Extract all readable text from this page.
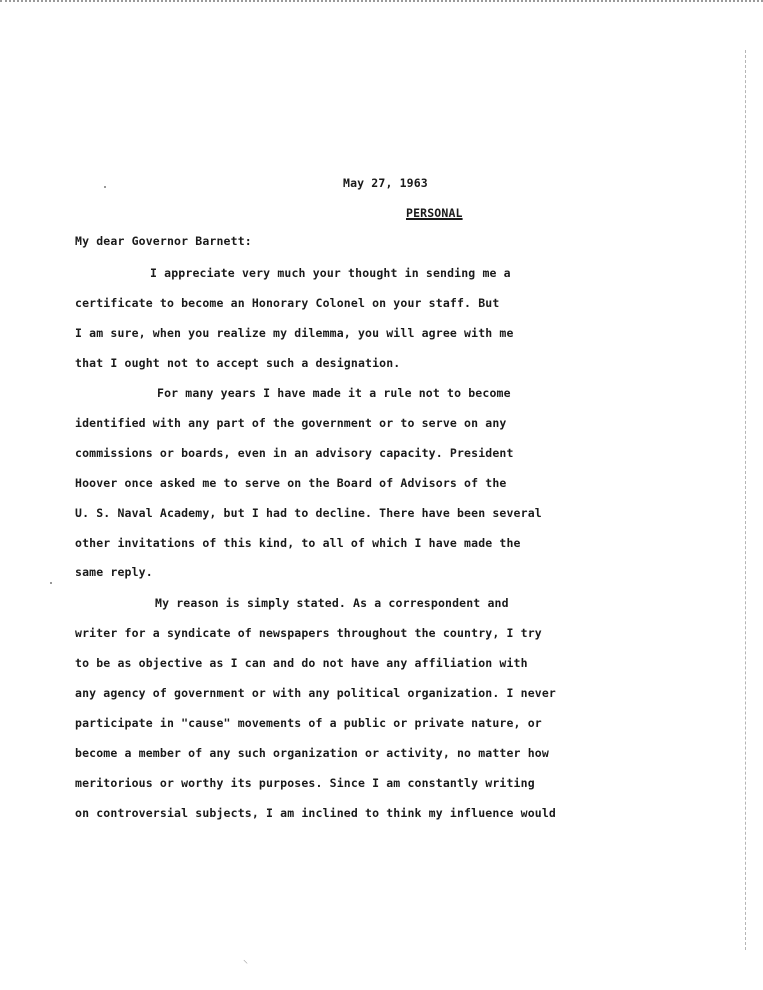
May 27, 1963
PERSONAL
My dear Governor Barnett:
I appreciate very much your thought in sending me a
certificate to become an Honorary Colonel on your staff. But
I am sure, when you realize my dilemma, you will agree with me
that I ought not to accept such a designation.
For many years I have made it a rule not to become
identified with any part of the government or to serve on any
commissions or boards, even in an advisory capacity. President
Hoover once asked me to serve on the Board of Advisors of the
U. S. Naval Academy, but I had to decline. There have been several
other invitations of this kind, to all of which I have made the
same reply.
My reason is simply stated. As a correspondent and
writer for a syndicate of newspapers throughout the country, I try
to be as objective as I can and do not have any affiliation with
any agency of government or with any political organization. I never
participate in "cause" movements of a public or private nature, or
become a member of any such organization or activity, no matter how
meritorious or worthy its purposes. Since I am constantly writing
on controversial subjects, I am inclined to think my influence would
⸌
